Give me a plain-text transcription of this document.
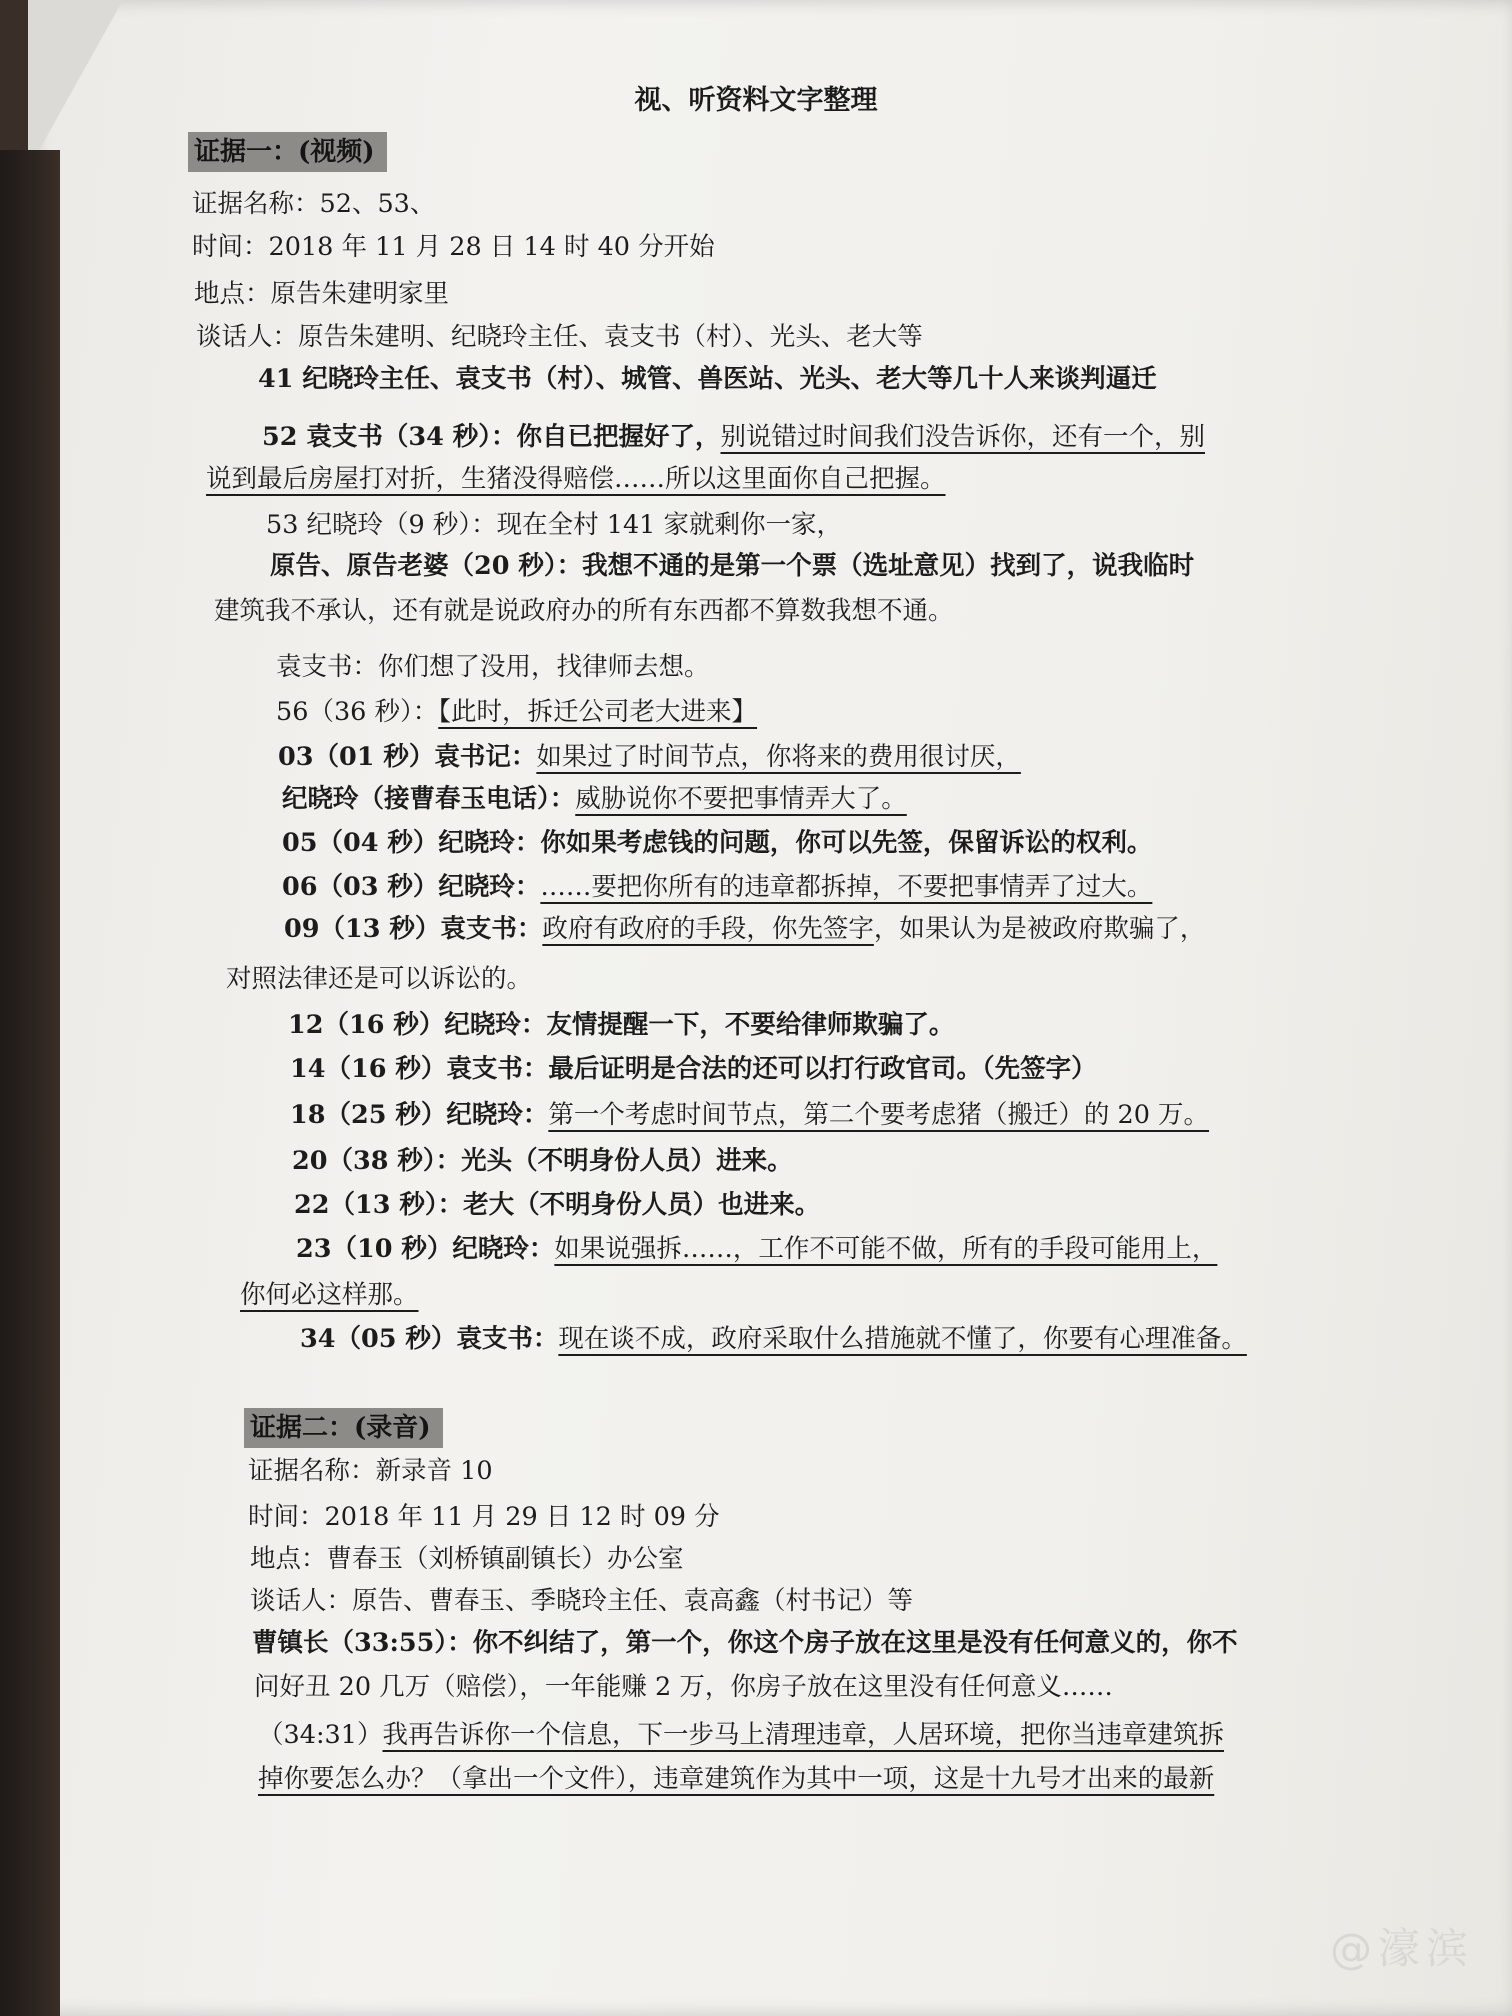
视、听资料文字整理
证据一：(视频)
证据名称：52、53、
时间：2018 年 11 月 28 日 14 时 40 分开始
地点：原告朱建明家里
谈话人：原告朱建明、纪晓玲主任、袁支书（村）、光头、老大等
41 纪晓玲主任、袁支书（村）、城管、兽医站、光头、老大等几十人来谈判逼迁
52 袁支书（34 秒）：你自已把握好了，别说错过时间我们没告诉你，还有一个，别
说到最后房屋打对折，生猪没得赔偿……所以这里面你自己把握。
53 纪晓玲（9 秒）：现在全村 141 家就剩你一家，
原告、原告老婆（20 秒）：我想不通的是第一个票（选址意见）找到了，说我临时
建筑我不承认，还有就是说政府办的所有东西都不算数我想不通。
袁支书：你们想了没用，找律师去想。
56（36 秒）：【此时，拆迁公司老大进来】
03（01 秒）袁书记：如果过了时间节点，你将来的费用很讨厌，
纪晓玲（接曹春玉电话）：威胁说你不要把事情弄大了。
05（04 秒）纪晓玲：你如果考虑钱的问题，你可以先签，保留诉讼的权利。
06（03 秒）纪晓玲：……要把你所有的违章都拆掉，不要把事情弄了过大。
09（13 秒）袁支书：政府有政府的手段，你先签字，如果认为是被政府欺骗了，
对照法律还是可以诉讼的。
12（16 秒）纪晓玲：友情提醒一下，不要给律师欺骗了。
14（16 秒）袁支书：最后证明是合法的还可以打行政官司。（先签字）
18（25 秒）纪晓玲：第一个考虑时间节点，第二个要考虑猪（搬迁）的 20 万。
20（38 秒）：光头（不明身份人员）进来。
22（13 秒）：老大（不明身份人员）也进来。
23（10 秒）纪晓玲：如果说强拆……，工作不可能不做，所有的手段可能用上，
你何必这样那。
34（05 秒）袁支书：现在谈不成，政府采取什么措施就不懂了，你要有心理准备。
证据二：(录音)
证据名称：新录音 10
时间：2018 年 11 月 29 日 12 时 09 分
地点：曹春玉（刘桥镇副镇长）办公室
谈话人：原告、曹春玉、季晓玲主任、袁高鑫（村书记）等
曹镇长（33:55）：你不纠结了，第一个，你这个房子放在这里是没有任何意义的，你不
问好丑 20 几万（赔偿），一年能赚 2 万，你房子放在这里没有任何意义……
（34:31）我再告诉你一个信息，下一步马上清理违章，人居环境，把你当违章建筑拆
掉你要怎么办？（拿出一个文件），违章建筑作为其中一项，这是十九号才出来的最新
@濠滨
